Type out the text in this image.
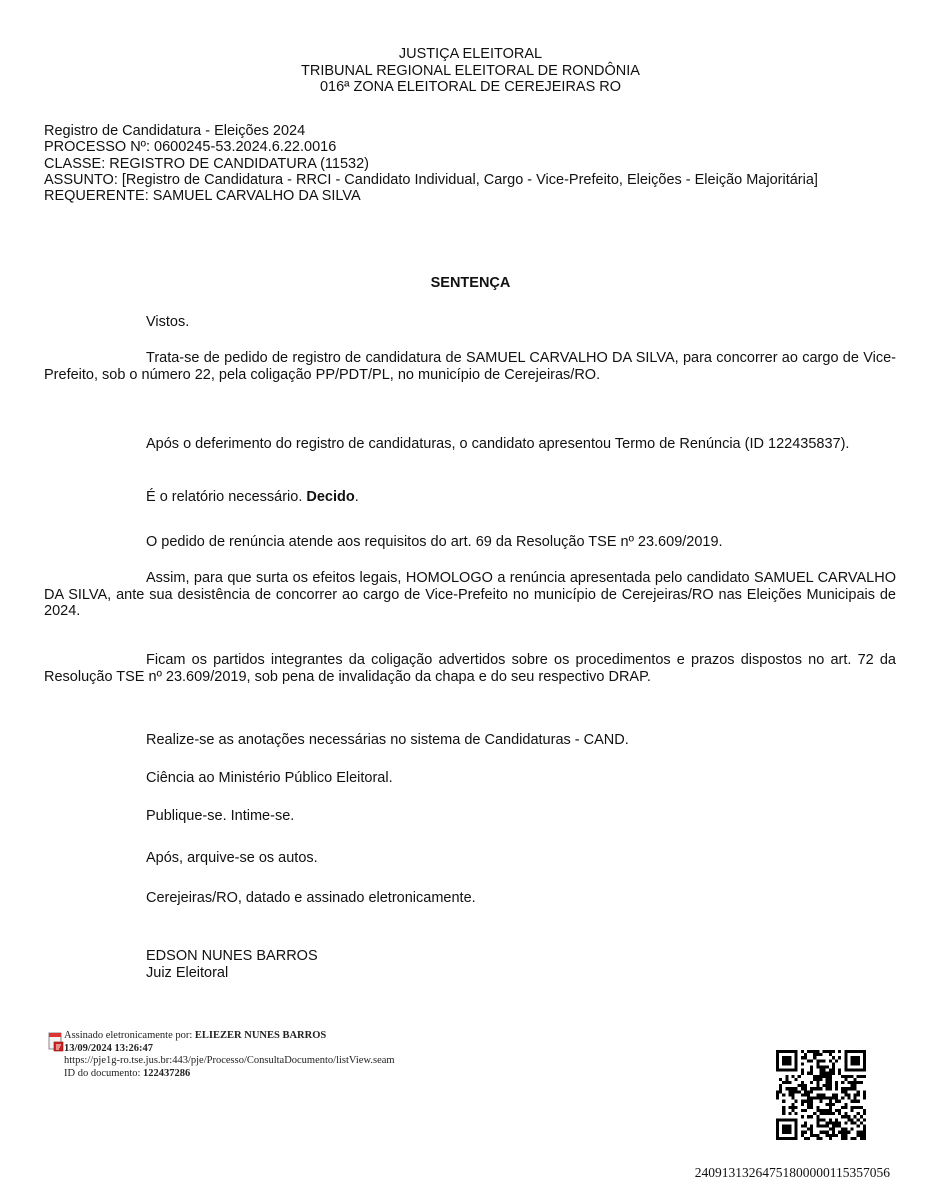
JUSTIÇA ELEITORAL
TRIBUNAL REGIONAL ELEITORAL DE RONDÔNIA
016ª ZONA ELEITORAL DE CEREJEIRAS RO
Registro de Candidatura - Eleições 2024
PROCESSO Nº: 0600245-53.2024.6.22.0016
CLASSE: REGISTRO DE CANDIDATURA (11532)
ASSUNTO: [Registro de Candidatura - RRCI - Candidato Individual, Cargo - Vice-Prefeito, Eleições - Eleição Majoritária]
REQUERENTE: SAMUEL CARVALHO DA SILVA
SENTENÇA
Vistos.
Trata-se de pedido de registro de candidatura de SAMUEL CARVALHO DA SILVA, para concorrer ao cargo de Vice-Prefeito, sob o número 22, pela coligação PP/PDT/PL, no município de Cerejeiras/RO.
Após o deferimento do registro de candidaturas, o candidato apresentou Termo de Renúncia (ID 122435837).
É o relatório necessário. Decido.
O pedido de renúncia atende aos requisitos do art. 69 da Resolução TSE nº 23.609/2019.
Assim, para que surta os efeitos legais, HOMOLOGO a renúncia apresentada pelo candidato SAMUEL CARVALHO DA SILVA, ante sua desistência de concorrer ao cargo de Vice-Prefeito no município de Cerejeiras/RO nas Eleições Municipais de 2024.
Ficam os partidos integrantes da coligação advertidos sobre os procedimentos e prazos dispostos no art. 72 da Resolução TSE nº 23.609/2019, sob pena de invalidação da chapa e do seu respectivo DRAP.
Realize-se as anotações necessárias no sistema de Candidaturas - CAND.
Ciência ao Ministério Público Eleitoral.
Publique-se. Intime-se.
Após, arquive-se os autos.
Cerejeiras/RO, datado e assinado eletronicamente.
EDSON NUNES BARROS
Juiz Eleitoral
Assinado eletronicamente por: ELIEZER NUNES BARROS
13/09/2024 13:26:47
https://pje1g-ro.tse.jus.br:443/pje/Processo/ConsultaDocumento/listView.seam
ID do documento: 122437286
24091313264751800000115357056
